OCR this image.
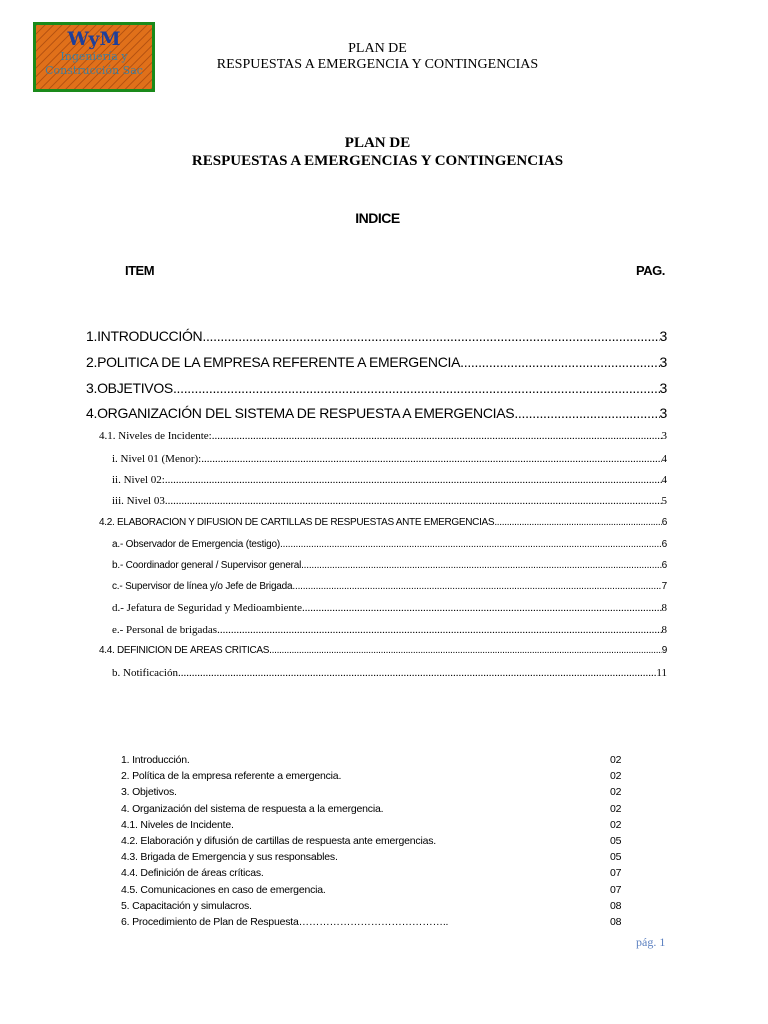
WyM
Ingeniería y
Construcción Sac
PLAN DE
RESPUESTAS A EMERGENCIA Y CONTINGENCIAS
PLAN DE
RESPUESTAS A EMERGENCIAS Y CONTINGENCIAS
INDICE
ITEM	PAG.
1. INTRODUCCIÓN .....	3
2. POLITICA DE LA EMPRESA REFERENTE A EMERGENCIA .....	3
3. OBJETIVOS .....	3
4. ORGANIZACIÓN DEL SISTEMA DE RESPUESTA A EMERGENCIAS .....	3
4.1. Niveles de Incidente: .....	3
i. Nivel 01 (Menor): .....	4
ii. Nivel 02: .....	4
iii. Nivel 03 .....	5
4.2. ELABORACIÓN Y DIFUSIÓN DE CARTILLAS DE RESPUESTAS ANTE EMERGENCIAS .....	6
a.- Observador de Emergencia (testigo) .....	6
b.- Coordinador general / Supervisor general .....	6
c.- Supervisor de línea y/o Jefe de Brigada .....	7
d.- Jefatura de Seguridad y Medioambiente .....	8
e.- Personal de brigadas .....	8
4.4. DEFINICIÓN DE ÁREAS CRÍTICAS .....	9
b. Notificación .....	11
1. Introducción.	02
2. Política de la empresa referente a emergencia.	02
3. Objetivos.	02
4. Organización del sistema de respuesta a la emergencia.	02
4.1. Niveles de Incidente.	02
4.2. Elaboración y difusión de cartillas de respuesta ante emergencias.	05
4.3. Brigada de Emergencia y sus responsables.	05
4.4. Definición de áreas críticas.	07
4.5. Comunicaciones en caso de emergencia.	07
5. Capacitación y simulacros.	08
6. Procedimiento de Plan de Respuesta……………………………………..	08
pág. 1
